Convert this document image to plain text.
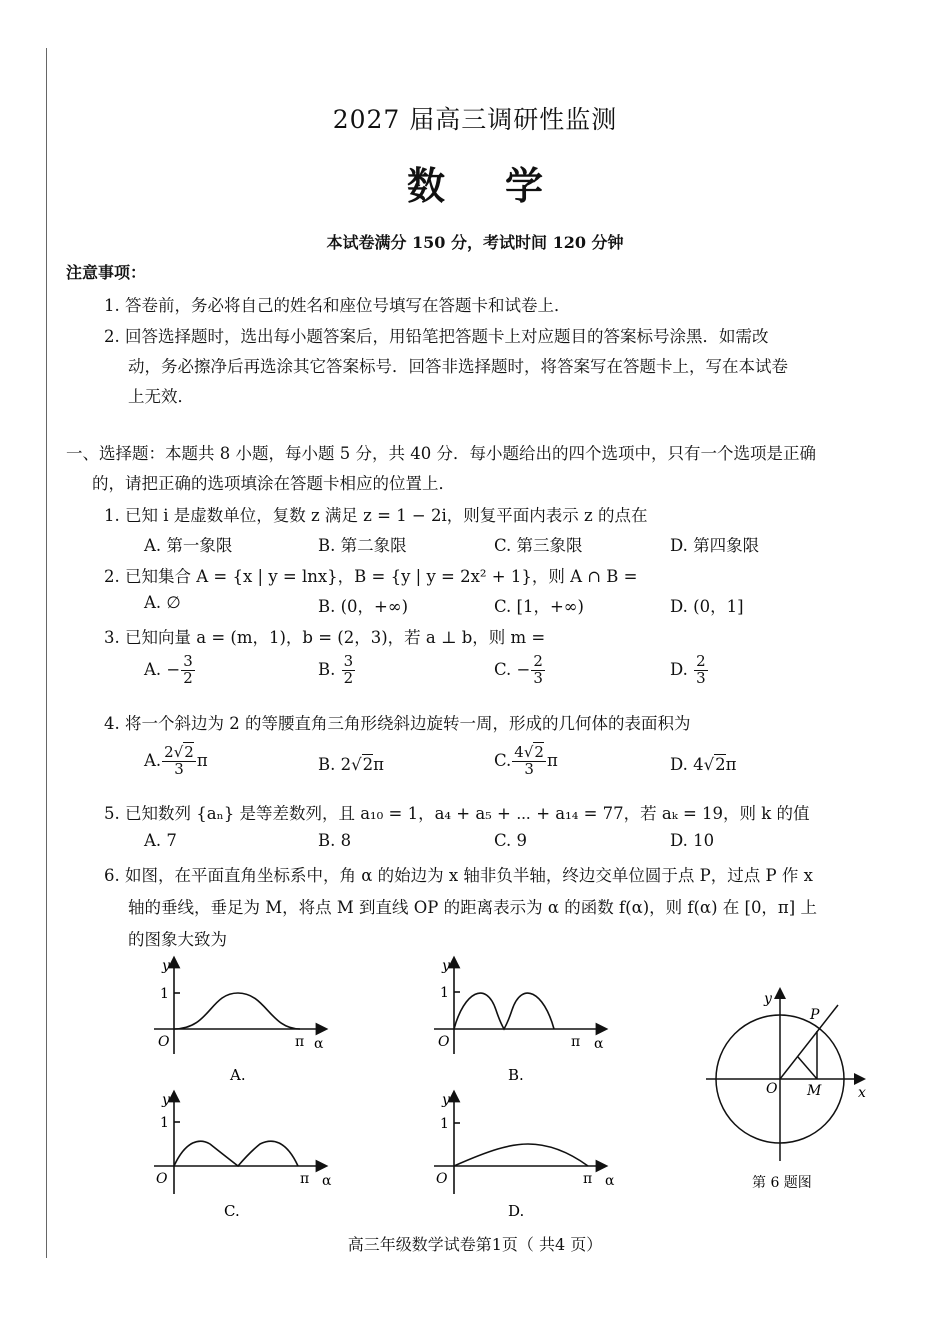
2027 届高三调研性监测
数学
本试卷满分 150 分，考试时间 120 分钟
注意事项：
1. 答卷前，务必将自己的姓名和座位号填写在答题卡和试卷上．
2. 回答选择题时，选出每小题答案后，用铅笔把答题卡上对应题目的答案标号涂黑．如需改
动，务必擦净后再选涂其它答案标号．回答非选择题时，将答案写在答题卡上，写在本试卷
上无效．
一、选择题：本题共 8 小题，每小题 5 分，共 40 分．每小题给出的四个选项中，只有一个选项是正确
的，请把正确的选项填涂在答题卡相应的位置上．
1. 已知 i 是虚数单位，复数 z 满足 z = 1 − 2i，则复平面内表示 z 的点在
A. 第一象限	B. 第二象限	C. 第三象限	D. 第四象限
2. 已知集合 A = {x | y = lnx}，B = {y | y = 2x² + 1}，则 A ∩ B =
A. ∅	B. (0，+∞)	C. [1，+∞)	D. (0，1]
3. 已知向量 a = (m，1)，b = (2，3)，若 a ⊥ b，则 m =
A. − $\frac{3}{2}$	B. $\frac{3}{2}$	C. − $\frac{2}{3}$	D. $\frac{2}{3}$
4. 将一个斜边为 2 的等腰直角三角形绕斜边旋转一周，形成的几何体的表面积为
A. $\frac{2√2}{3}$ π	B. 2√2π	C. $\frac{4√2}{3}$ π	D. 4√2π
5. 已知数列 {aₙ} 是等差数列，且 a₁₀ = 1，a₄ + a₅ + ⋯ + a₁₄ = 77，若 aₖ = 19，则 k 的值
A. 7	B. 8	C. 9	D. 10
6. 如图，在平面直角坐标系中，角 α 的始边为 x 轴非负半轴，终边交单位圆于点 P，过点 P 作 x
轴的垂线，垂足为 M，将点 M 到直线 OP 的距离表示为 α 的函数 f(α)，则 f(α) 在 [0，π] 上
的图象大致为
y
1
O	π α
A.
y
1
O	π α
B.
y
1
O	π α
C.
y
1
O	π α
D.
y
x
O
P
M
第 6 题图
高三年级数学试卷第1页（ 共4 页）
